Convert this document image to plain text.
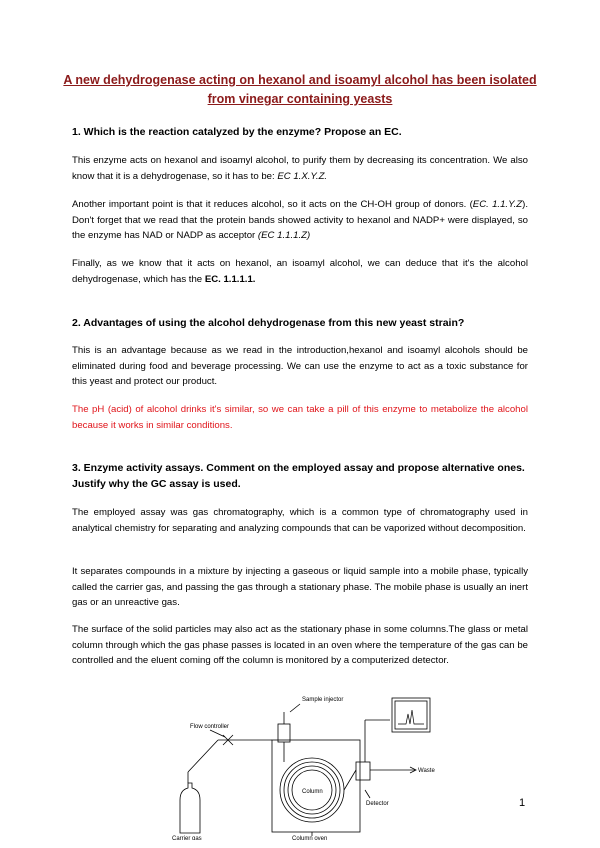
A new dehydrogenase acting on hexanol and isoamyl alcohol has been isolated from vinegar containing yeasts
1. Which is the reaction catalyzed by the enzyme? Propose an EC.
This enzyme acts on hexanol and isoamyl alcohol, to purify them by decreasing its concentration. We also know that it is a dehydrogenase, so it has to be: EC 1.X.Y.Z.
Another important point is that it reduces alcohol, so it acts on the CH-OH group of donors. (EC. 1.1.Y.Z). Don't forget that we read that the protein bands showed activity to hexanol and NADP+ were displayed, so the enzyme has NAD or NADP as acceptor (EC 1.1.1.Z)
Finally, as we know that it acts on hexanol, an isoamyl alcohol, we can deduce that it's the alcohol dehydrogenase, which has the EC. 1.1.1.1.
2. Advantages of using the alcohol dehydrogenase from this new yeast strain?
This is an advantage because as we read in the introduction,hexanol and isoamyl alcohols should be eliminated during food and beverage processing. We can use the enzyme to act as a toxic substance for this yeast and protect our product.
The pH (acid) of alcohol drinks it's similar, so we can take a pill of this enzyme to metabolize the alcohol because it works in similar conditions.
3. Enzyme activity assays. Comment on the employed assay and propose alternative ones. Justify why the GC assay is used.
The employed assay was gas chromatography, which is a common type of chromatography used in analytical chemistry for separating and analyzing compounds that can be vaporized without decomposition.
It separates compounds in a mixture by injecting a gaseous or liquid sample into a mobile phase, typically called the carrier gas, and passing the gas through a stationary phase. The mobile phase is usually an inert gas or an unreactive gas.
The surface of the solid particles may also act as the stationary phase in some columns.The glass or metal column through which the gas phase passes is located in an oven where the temperature of the gas can be controlled and the eluent coming off the column is monitored by a computerized detector.
Flow controller
Sample injector
Column
Waste
Detector
Carrier gas	Column oven
1
